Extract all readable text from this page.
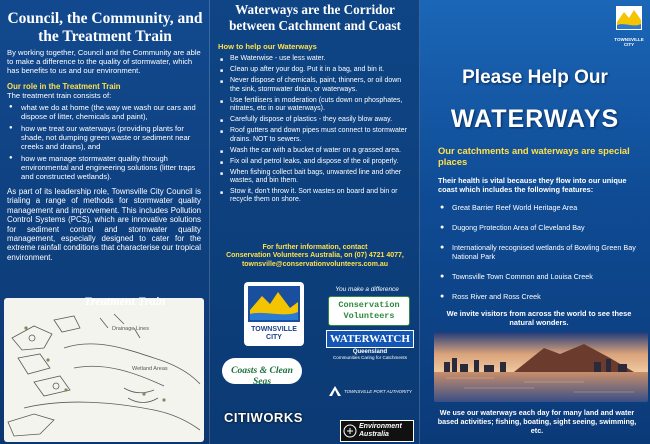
Council, the Community, and the Treatment Train

By working together, Council and the Community are able to make a difference to the quality of stormwater, which has benefits to us and our environment.

Our role in the Treatment Train

The treatment train consists of:

● what we do at home (the way we wash our cars and dispose of litter, chemicals and paint),
● how we treat our waterways (providing plants for shade, not dumping green waste or sediment near creeks and drains), and
● how we manage stormwater quality through environmental and engineering solutions (litter traps and constructed wetlands).

As part of its leadership role, Townsville City Council is trialing a range of methods for stormwater quality management and improvement. This includes Pollution Control Systems (PCS), which are innovative solutions for sediment control and stormwater quality management, especially designed to cater for the extreme rainfall conditions that characterise our tropical environment.

Drainage Lines
Wetland Areas
Treatment Train
Waterways are the Corridor between Catchment and Coast

How to help our Waterways

■ Be Waterwise - use less water.
■ Clean up after your dog. Put it in a bag, and bin it.
■ Never dispose of chemicals, paint, thinners, or oil down the sink, stormwater drain, or waterways.
■ Use fertilisers in moderation (cuts down on phosphates, nitrates, etc in our waterways).
■ Carefully dispose of plastics - they easily blow away.
■ Roof gutters and down pipes must connect to stormwater drains. NOT to sewers.
■ Wash the car with a bucket of water on a grassed area.
■ Fix oil and petrol leaks, and dispose of the oil properly.
■ When fishing collect bait bags, unwanted line and other wastes, and bin them.
■ Stow it, don't throw it. Sort wastes on board and bin or recycle them on shore.

For further information, contact

Conservation Volunteers Australia, on (07) 4721 4077,

townsville@conservationvolunteers.com.au

TOWNSVILLE CITY
Coasts & Clean Seas
CITIWORKS
You make a difference
Conservation
Volunteers
WATERWATCH
Queensland
Communities Caring for Catchments
TOWNSVILLE PORT AUTHORITY
Environment
Australia
TOWNSVILLE CITY
Please Help Our
WATERWAYS
Our catchments and waterways are special places
Their health is vital because they flow into our unique coast which includes the following features:
● Great Barrier Reef World Heritage Area
● Dugong Protection Area of Cleveland Bay
● Internationally recognised wetlands of Bowling Green Bay National Park
● Townsville Town Common and Louisa Creek
● Ross River and Ross Creek
We invite visitors from across the world to see these natural wonders.
We use our waterways each day for many land and water based activities; fishing, boating, sight seeing, swimming, etc.
